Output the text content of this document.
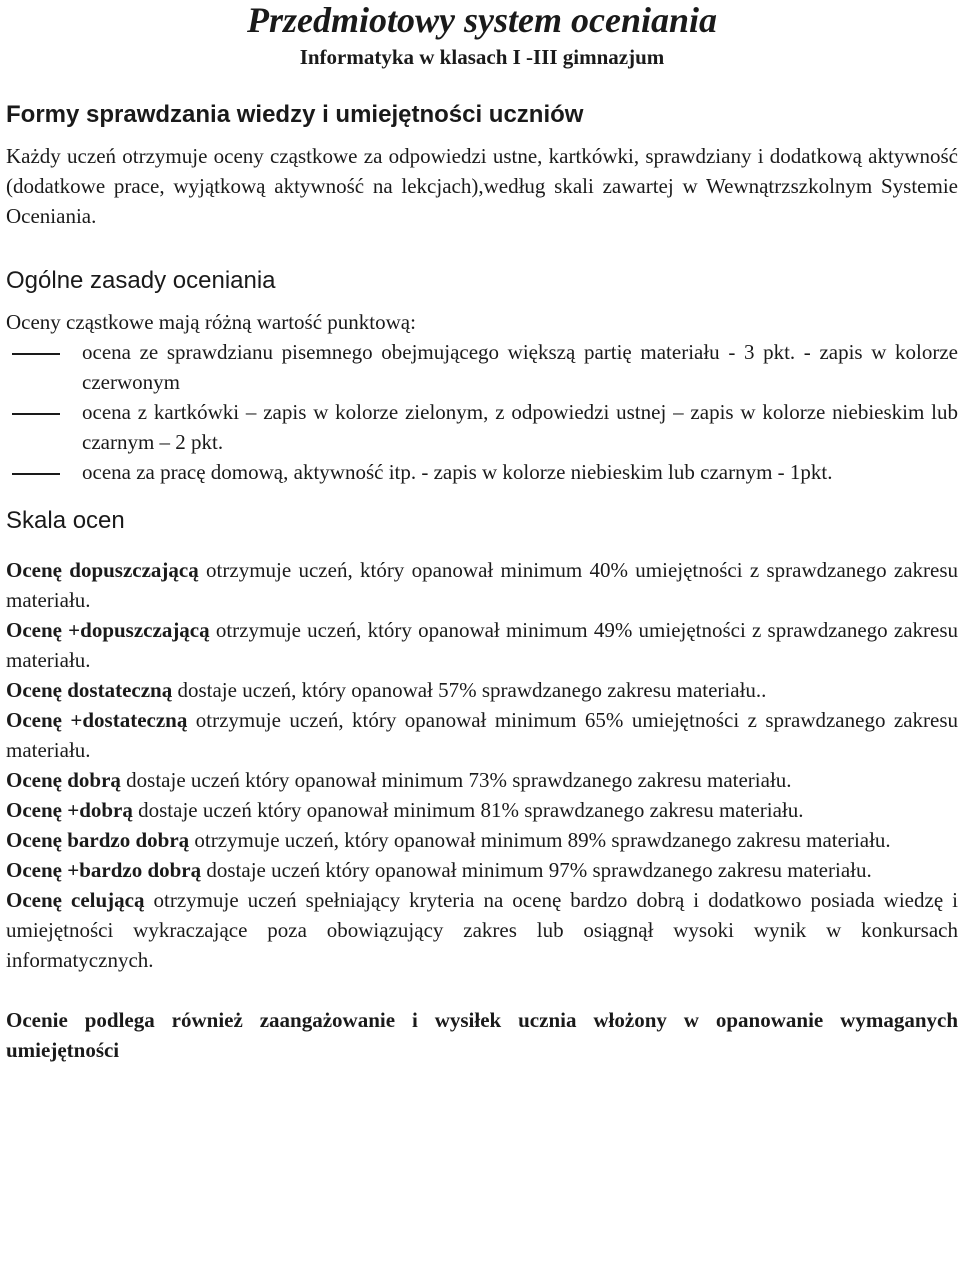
Przedmiotowy system oceniania
Informatyka w klasach I -III gimnazjum
Formy sprawdzania wiedzy i umiejętności uczniów

Każdy uczeń otrzymuje oceny cząstkowe za odpowiedzi ustne, kartkówki, sprawdziany i dodatkową aktywność (dodatkowe prace, wyjątkową aktywność na lekcjach),według skali zawartej w Wewnątrzszkolnym Systemie Oceniania.

Ogólne zasady oceniania

Oceny cząstkowe mają różną wartość punktową:

ocena ze sprawdzianu pisemnego obejmującego większą partię materiału - 3 pkt. - zapis w kolorze czerwonym
ocena z kartkówki – zapis w kolorze zielonym, z odpowiedzi ustnej – zapis w kolorze niebieskim lub czarnym – 2 pkt.
ocena za pracę domową, aktywność itp. - zapis w kolorze niebieskim lub czarnym - 1pkt.
Skala ocen

Ocenę dopuszczającą otrzymuje uczeń, który opanował minimum 40% umiejętności z sprawdzanego zakresu materiału.

Ocenę +dopuszczającą otrzymuje uczeń, który opanował minimum 49% umiejętności z sprawdzanego zakresu materiału.

Ocenę dostateczną dostaje uczeń, który opanował 57% sprawdzanego zakresu materiału..

Ocenę +dostateczną otrzymuje uczeń, który opanował minimum 65% umiejętności z sprawdzanego zakresu materiału.

Ocenę dobrą dostaje uczeń który opanował minimum 73% sprawdzanego zakresu materiału.

Ocenę +dobrą dostaje uczeń który opanował minimum 81% sprawdzanego zakresu materiału.

Ocenę bardzo dobrą otrzymuje uczeń, który opanował minimum 89% sprawdzanego zakresu materiału.

Ocenę +bardzo dobrą dostaje uczeń który opanował minimum 97% sprawdzanego zakresu materiału.

Ocenę celującą otrzymuje uczeń spełniający kryteria na ocenę bardzo dobrą i dodatkowo posiada wiedzę i umiejętności wykraczające poza obowiązujący zakres lub osiągnął wysoki wynik w konkursach informatycznych.

Ocenie podlega również zaangażowanie i wysiłek ucznia włożony w opanowanie wymaganych umiejętności
